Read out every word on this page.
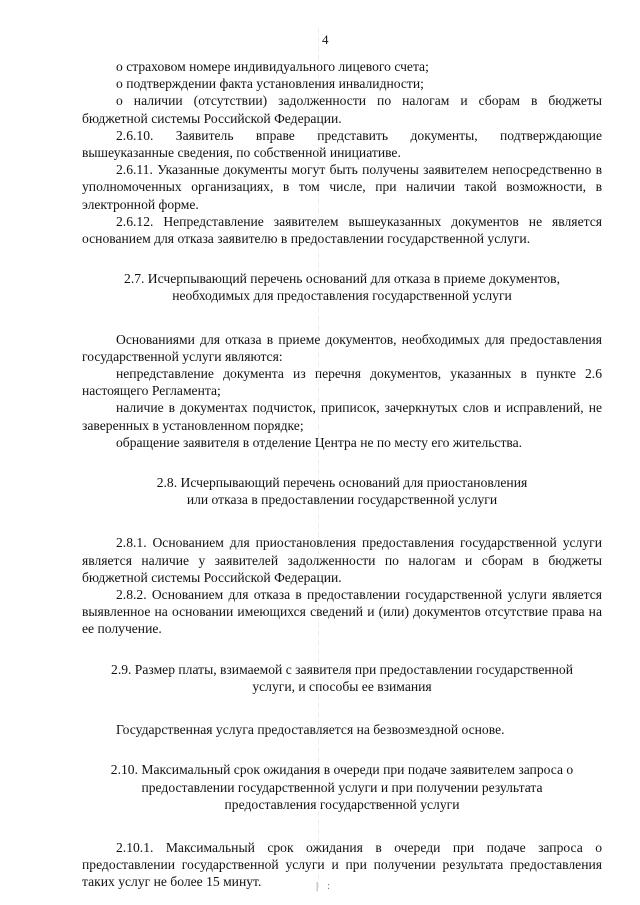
4

о страховом номере индивидуального лицевого счета;

о подтверждении факта установления инвалидности;

о наличии (отсутствии) задолженности по налогам и сборам в бюджеты бюджетной системы Российской Федерации.

2.6.10. Заявитель вправе представить документы, подтверждающие вышеуказанные сведения, по собственной инициативе.

2.6.11. Указанные документы могут быть получены заявителем непосредственно в уполномоченных организациях, в том числе, при наличии такой возможности, в электронной форме.

2.6.12. Непредставление заявителем вышеуказанных документов не является основанием для отказа заявителю в предоставлении государственной услуги.

2.7. Исчерпывающий перечень оснований для отказа в приеме документов,
необходимых для предоставления государственной услуги

Основаниями для отказа в приеме документов, необходимых для предоставления государственной услуги являются:

непредставление документа из перечня документов, указанных в пункте 2.6 настоящего Регламента;

наличие в документах подчисток, приписок, зачеркнутых слов и исправлений, не заверенных в установленном порядке;

обращение заявителя в отделение Центра не по месту его жительства.

2.8. Исчерпывающий перечень оснований для приостановления
или отказа в предоставлении государственной услуги

2.8.1. Основанием для приостановления предоставления государственной услуги является наличие у заявителей задолженности по налогам и сборам в бюджеты бюджетной системы Российской Федерации.

2.8.2. Основанием для отказа в предоставлении государственной услуги является выявленное на основании имеющихся сведений и (или) документов отсутствие права на ее получение.

2.9. Размер платы, взимаемой с заявителя при предоставлении государственной
услуги, и способы ее взимания

Государственная услуга предоставляется на безвозмездной основе.

2.10. Максимальный срок ожидания в очереди при подаче заявителем запроса о
предоставлении государственной услуги и при получении результата
предоставления государственной услуги

2.10.1. Максимальный срок ожидания в очереди при подаче запроса о предоставлении государственной услуги и при получении результата предоставления таких услуг не более 15 минут.	| :
